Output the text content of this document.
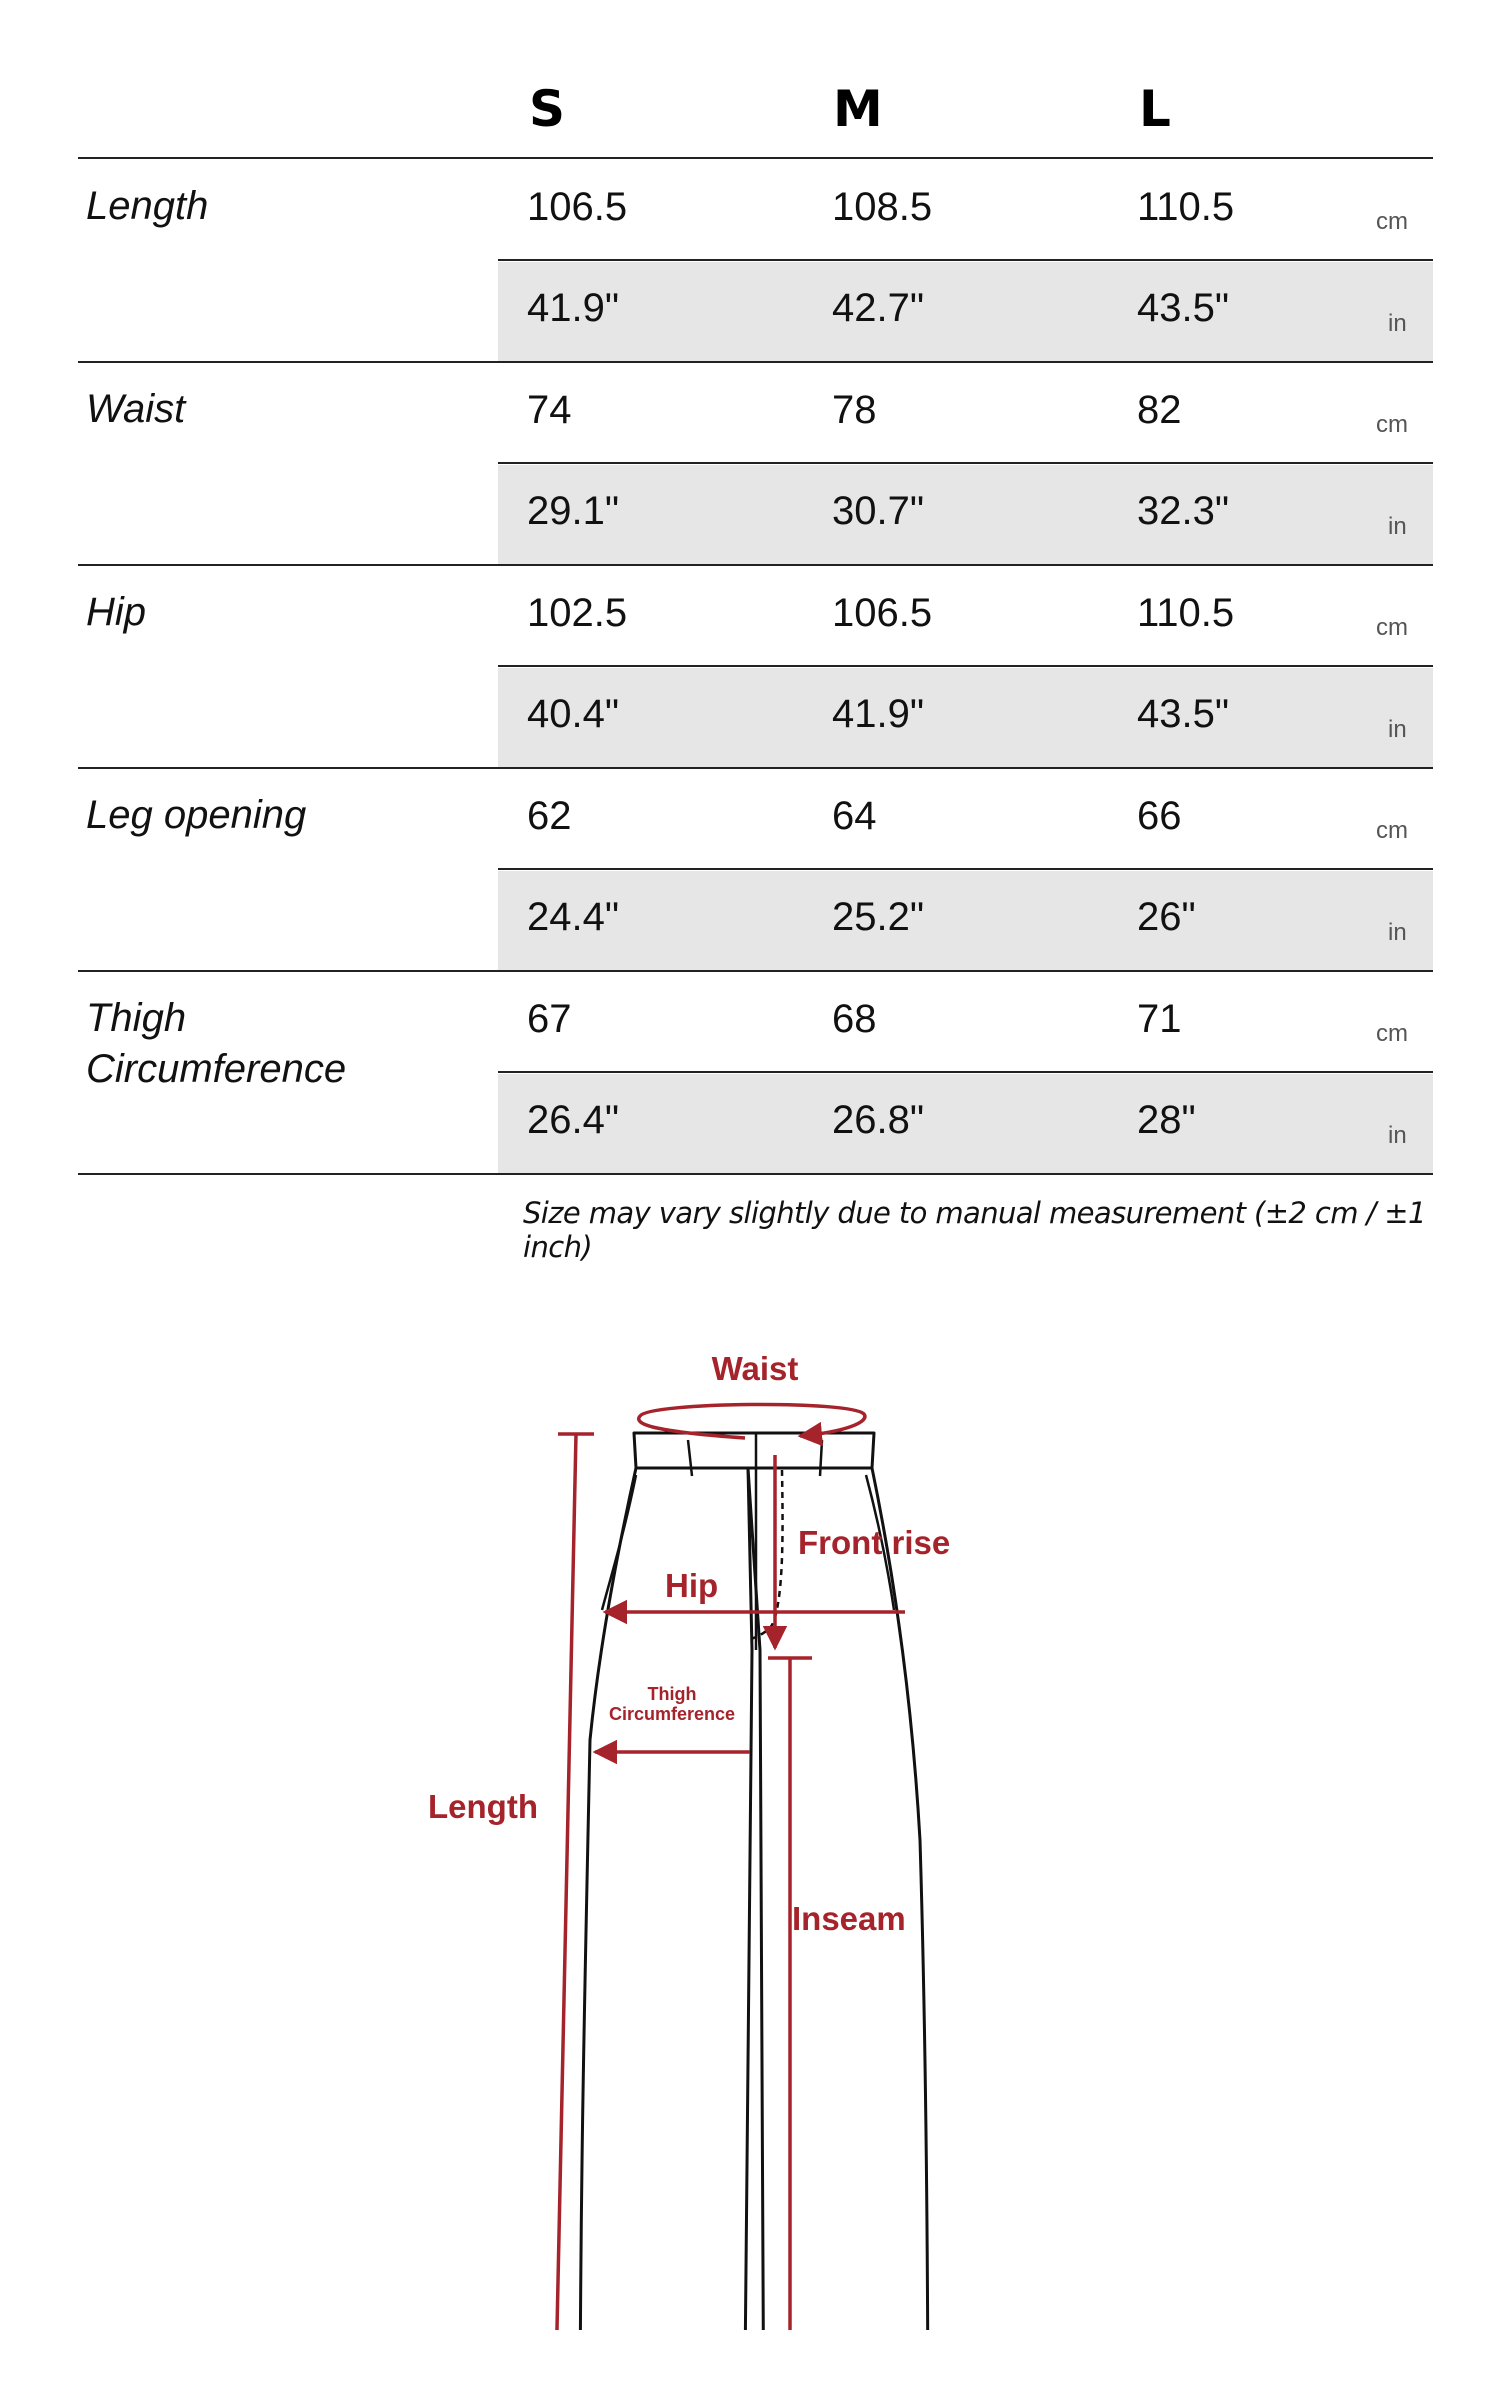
S	M	L
Length	106.5	108.5	110.5	cm
41.9"	42.7"	43.5"	in
Waist	74	78	82	cm
29.1"	30.7"	32.3"	in
Hip	102.5	106.5	110.5	cm
40.4"	41.9"	43.5"	in
Leg opening	62	64	66	cm
24.4"	25.2"	26"	in
Thigh
Circumference
67	68	71	cm
26.4"	26.8"	28"	in
Size may vary slightly due to manual measurement (±2 cm / ±1 inch)
Waist
Front rise
Hip
Thigh
Circumference
Inseam
Length
